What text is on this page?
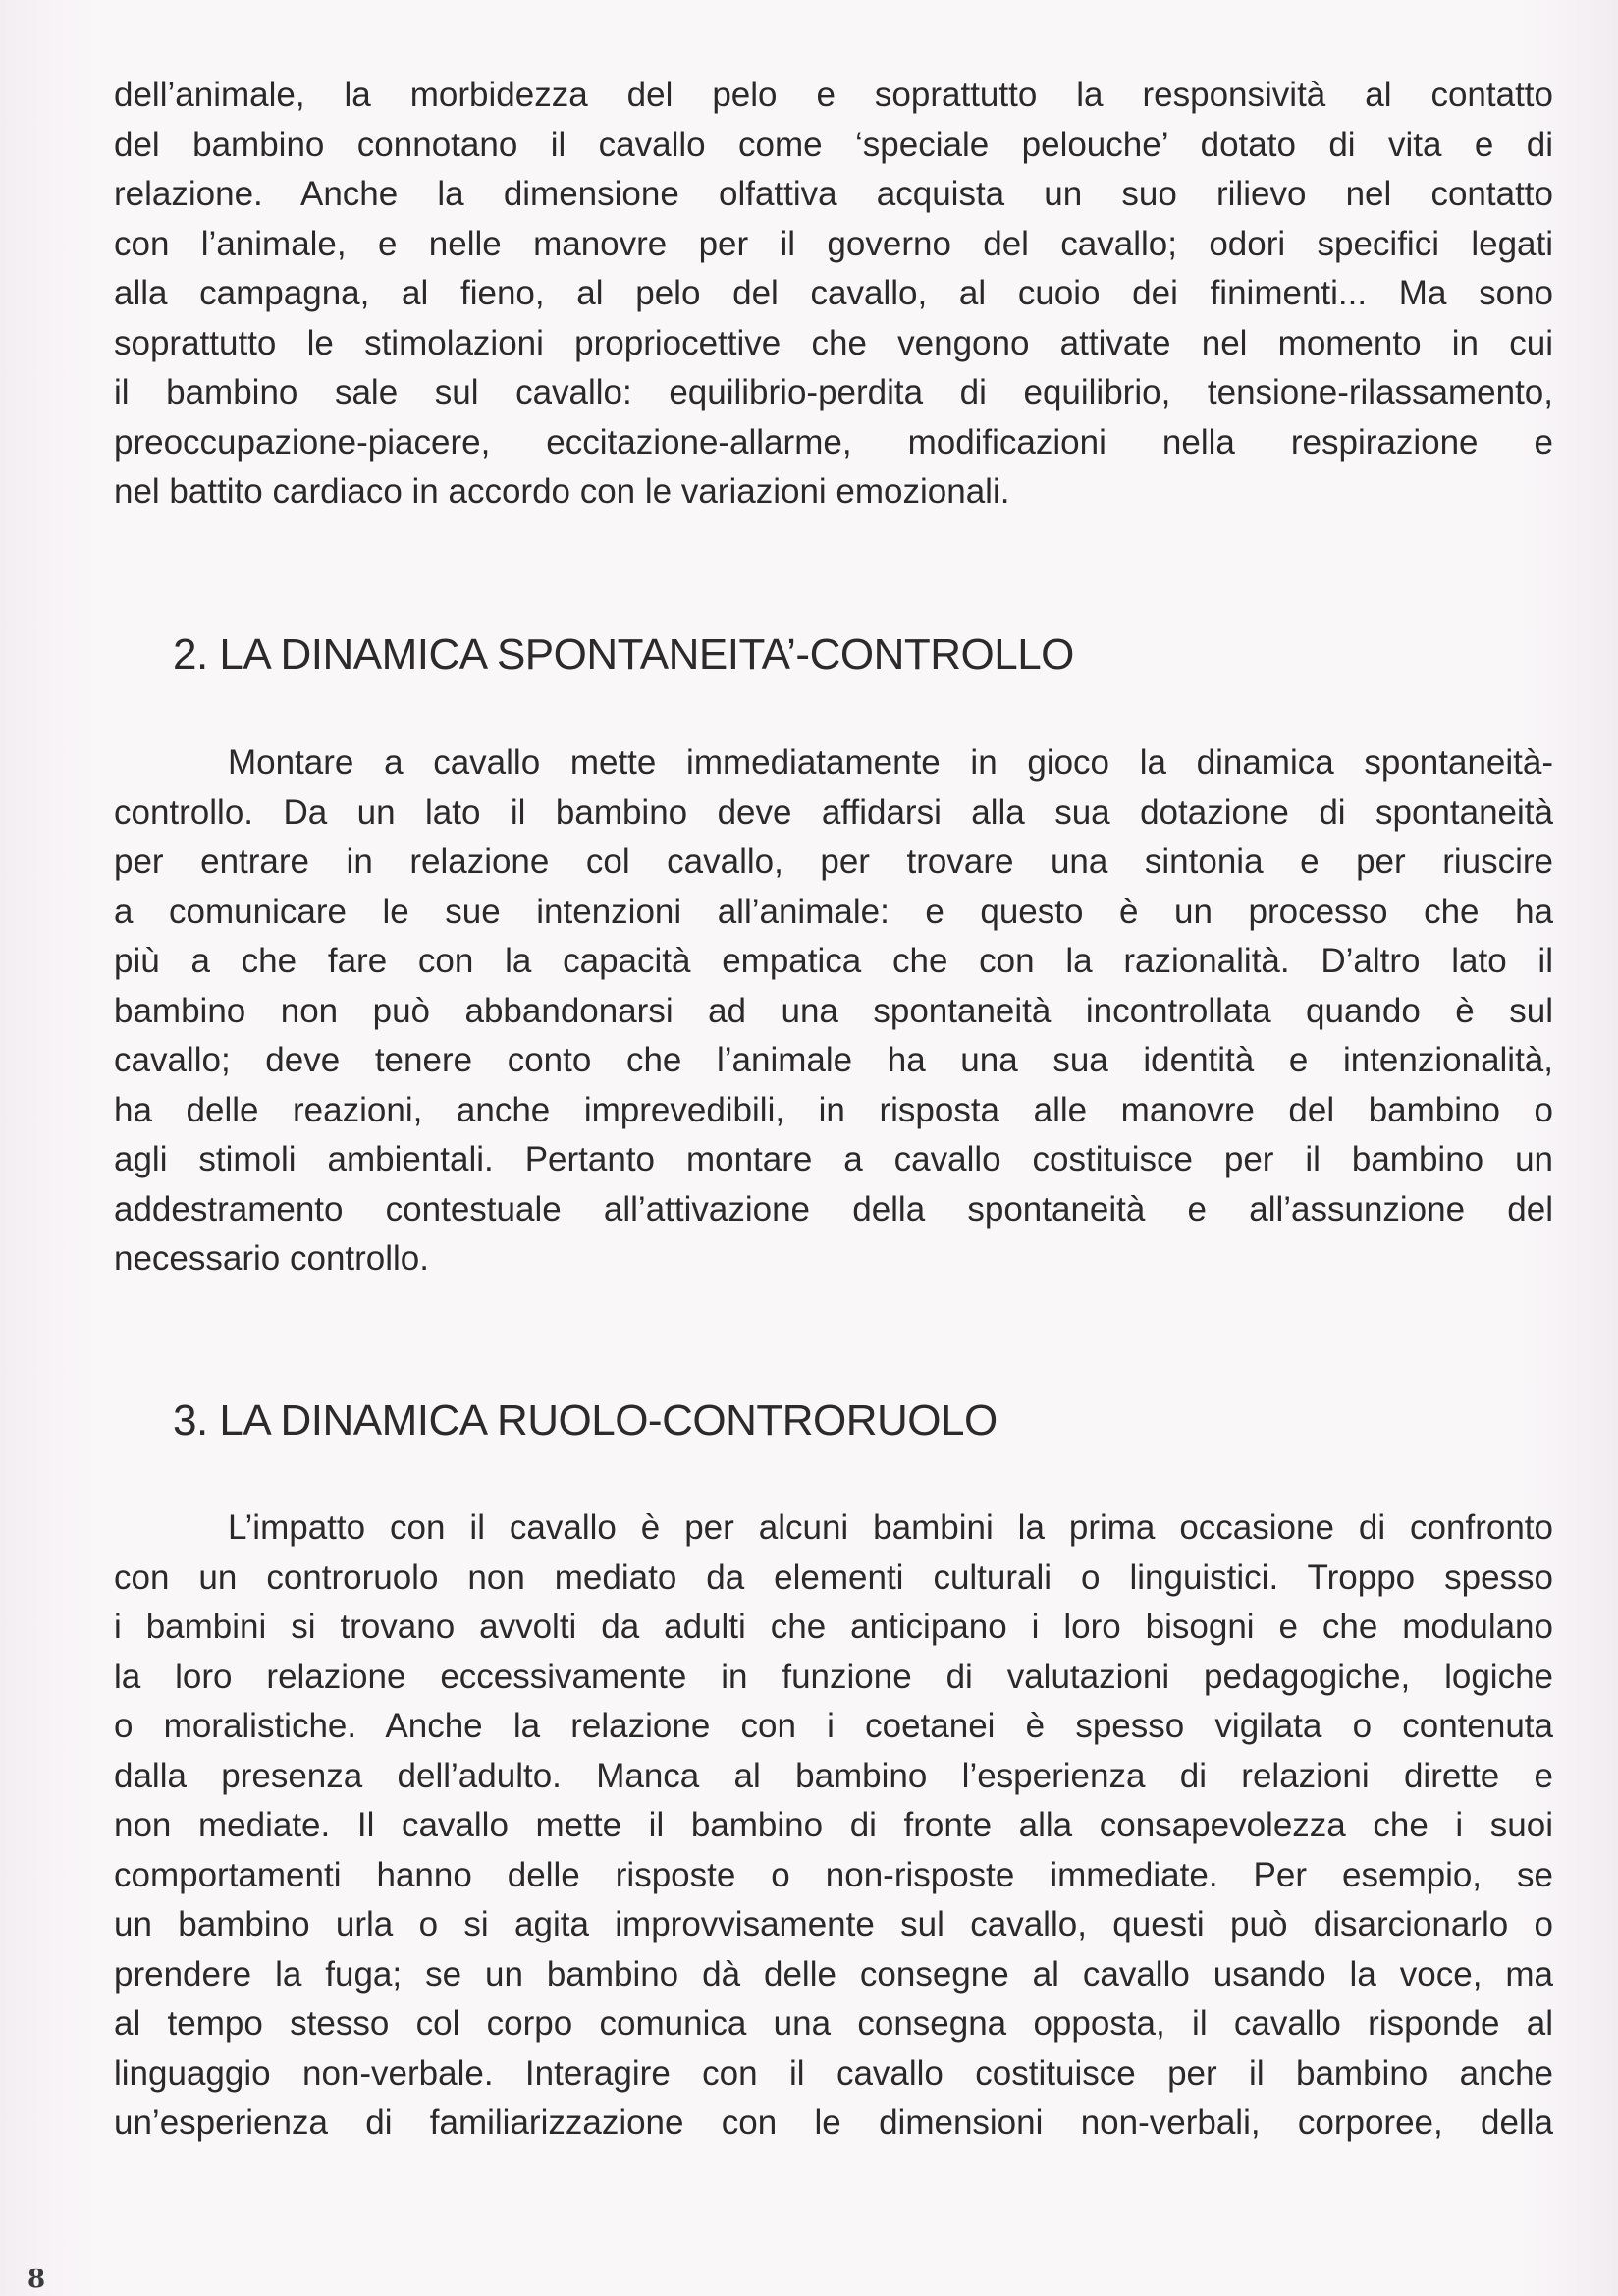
dell’animale, la morbidezza del pelo e soprattutto la responsività al contatto

del bambino connotano il cavallo come ‘speciale pelouche’ dotato di vita e di

relazione. Anche la dimensione olfattiva acquista un suo rilievo nel contatto

con l’animale, e nelle manovre per il governo del cavallo; odori specifici legati

alla campagna, al fieno, al pelo del cavallo, al cuoio dei finimenti... Ma sono

soprattutto le stimolazioni propriocettive che vengono attivate nel momento in cui

il bambino sale sul cavallo: equilibrio-perdita di equilibrio, tensione-rilassamento,

preoccupazione-piacere, eccitazione-allarme, modificazioni nella respirazione e

nel battito cardiaco in accordo con le variazioni emozionali.

2. LA DINAMICA SPONTANEITA’-CONTROLLO

Montare a cavallo mette immediatamente in gioco la dinamica spontaneità-

controllo. Da un lato il bambino deve affidarsi alla sua dotazione di spontaneità

per entrare in relazione col cavallo, per trovare una sintonia e per riuscire

a comunicare le sue intenzioni all’animale: e questo è un processo che ha

più a che fare con la capacità empatica che con la razionalità. D’altro lato il

bambino non può abbandonarsi ad una spontaneità incontrollata quando è sul

cavallo; deve tenere conto che l’animale ha una sua identità e intenzionalità,

ha delle reazioni, anche imprevedibili, in risposta alle manovre del bambino o

agli stimoli ambientali. Pertanto montare a cavallo costituisce per il bambino un

addestramento contestuale all’attivazione della spontaneità e all’assunzione del

necessario controllo.

3. LA DINAMICA RUOLO-CONTRORUOLO

L’impatto con il cavallo è per alcuni bambini la prima occasione di confronto

con un controruolo non mediato da elementi culturali o linguistici. Troppo spesso

i bambini si trovano avvolti da adulti che anticipano i loro bisogni e che modulano

la loro relazione eccessivamente in funzione di valutazioni pedagogiche, logiche

o moralistiche. Anche la relazione con i coetanei è spesso vigilata o contenuta

dalla presenza dell’adulto. Manca al bambino l’esperienza di relazioni dirette e

non mediate. Il cavallo mette il bambino di fronte alla consapevolezza che i suoi

comportamenti hanno delle risposte o non-risposte immediate. Per esempio, se

un bambino urla o si agita improvvisamente sul cavallo, questi può disarcionarlo o

prendere la fuga; se un bambino dà delle consegne al cavallo usando la voce, ma

al tempo stesso col corpo comunica una consegna opposta, il cavallo risponde al

linguaggio non-verbale. Interagire con il cavallo costituisce per il bambino anche

un’esperienza di familiarizzazione con le dimensioni non-verbali, corporee, della

8
